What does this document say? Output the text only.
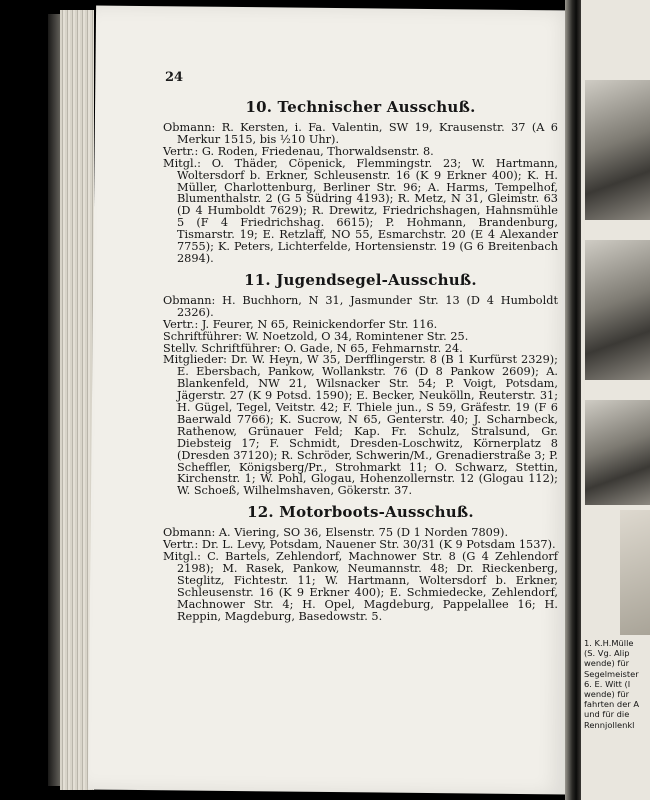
24
10. Technischer Ausschuß.

Obmann: R. Kersten, i. Fa. Valentin, SW 19, Krausenstr. 37 (A 6 Merkur 1515, bis ½10 Uhr).

Vertr.: G. Roden, Friedenau, Thorwaldsenstr. 8.

Mitgl.: O. Thäder, Cöpenick, Flemmingstr. 23; W. Hartmann, Woltersdorf b. Erkner, Schleusenstr. 16 (K 9 Erkner 400); K. H. Müller, Charlottenburg, Berliner Str. 96; A. Harms, Tempelhof, Blumenthalstr. 2 (G 5 Südring 4193); R. Metz, N 31, Gleimstr. 63 (D 4 Humboldt 7629); R. Drewitz, Friedrichshagen, Hahnsmühle 5 (F 4 Friedrichshag. 6615); P. Hohmann, Brandenburg, Tismarstr. 19; E. Retzlaff, NO 55, Esmarchstr. 20 (E 4 Alexander 7755); K. Peters, Lichterfelde, Hortensienstr. 19 (G 6 Breitenbach 2894).

11. Jugendsegel-Ausschuß.

Obmann: H. Buchhorn, N 31, Jasmunder Str. 13 (D 4 Humboldt 2326).

Vertr.: J. Feurer, N 65, Reinickendorfer Str. 116.

Schriftführer: W. Noetzold, O 34, Romintener Str. 25.

Stellv. Schriftführer: O. Gade, N 65, Fehmarnstr. 24.

Mitglieder: Dr. W. Heyn, W 35, Derfflingerstr. 8 (B 1 Kurfürst 2329); E. Ebersbach, Pankow, Wollankstr. 76 (D 8 Pankow 2609); A. Blankenfeld, NW 21, Wilsnacker Str. 54; P. Voigt, Potsdam, Jägerstr. 27 (K 9 Potsd. 1590); E. Becker, Neukölln, Reuterstr. 31; H. Gügel, Tegel, Veitstr. 42; F. Thiele jun., S 59, Gräfestr. 19 (F 6 Baerwald 7766); K. Sucrow, N 65, Genterstr. 40; J. Scharnbeck, Rathenow, Grünauer Feld; Kap. Fr. Schulz, Stralsund, Gr. Diebsteig 17; F. Schmidt, Dresden-Loschwitz, Körnerplatz 8 (Dresden 37120); R. Schröder, Schwerin/M., Grenadierstraße 3; P. Scheffler, Königsberg/Pr., Strohmarkt 11; O. Schwarz, Stettin, Kirchenstr. 1; W. Pohl, Glogau, Hohenzollernstr. 12 (Glogau 112); W. Schoeß, Wilhelmshaven, Gökerstr. 37.

12. Motorboots-Ausschuß.

Obmann: A. Viering, SO 36, Elsenstr. 75 (D 1 Norden 7809).

Vertr.: Dr. L. Levy, Potsdam, Nauener Str. 30/31 (K 9 Potsdam 1537).

Mitgl.: C. Bartels, Zehlendorf, Machnower Str. 8 (G 4 Zehlendorf 2198); M. Rasek, Pankow, Neumannstr. 48; Dr. Rieckenberg, Steglitz, Fichtestr. 11; W. Hartmann, Woltersdorf b. Erkner, Schleusenstr. 16 (K 9 Erkner 400); E. Schmiedecke, Zehlendorf, Machnower Str. 4; H. Opel, Magdeburg, Pappelallee 16; H. Reppin, Magdeburg, Basedowstr. 5.

1. K.H.Mülle
(S. Vg. Alip
wende) für
Segelmeister
6. E. Witt (I
wende) für
fahrten der A
und für die
Rennjollenkl
